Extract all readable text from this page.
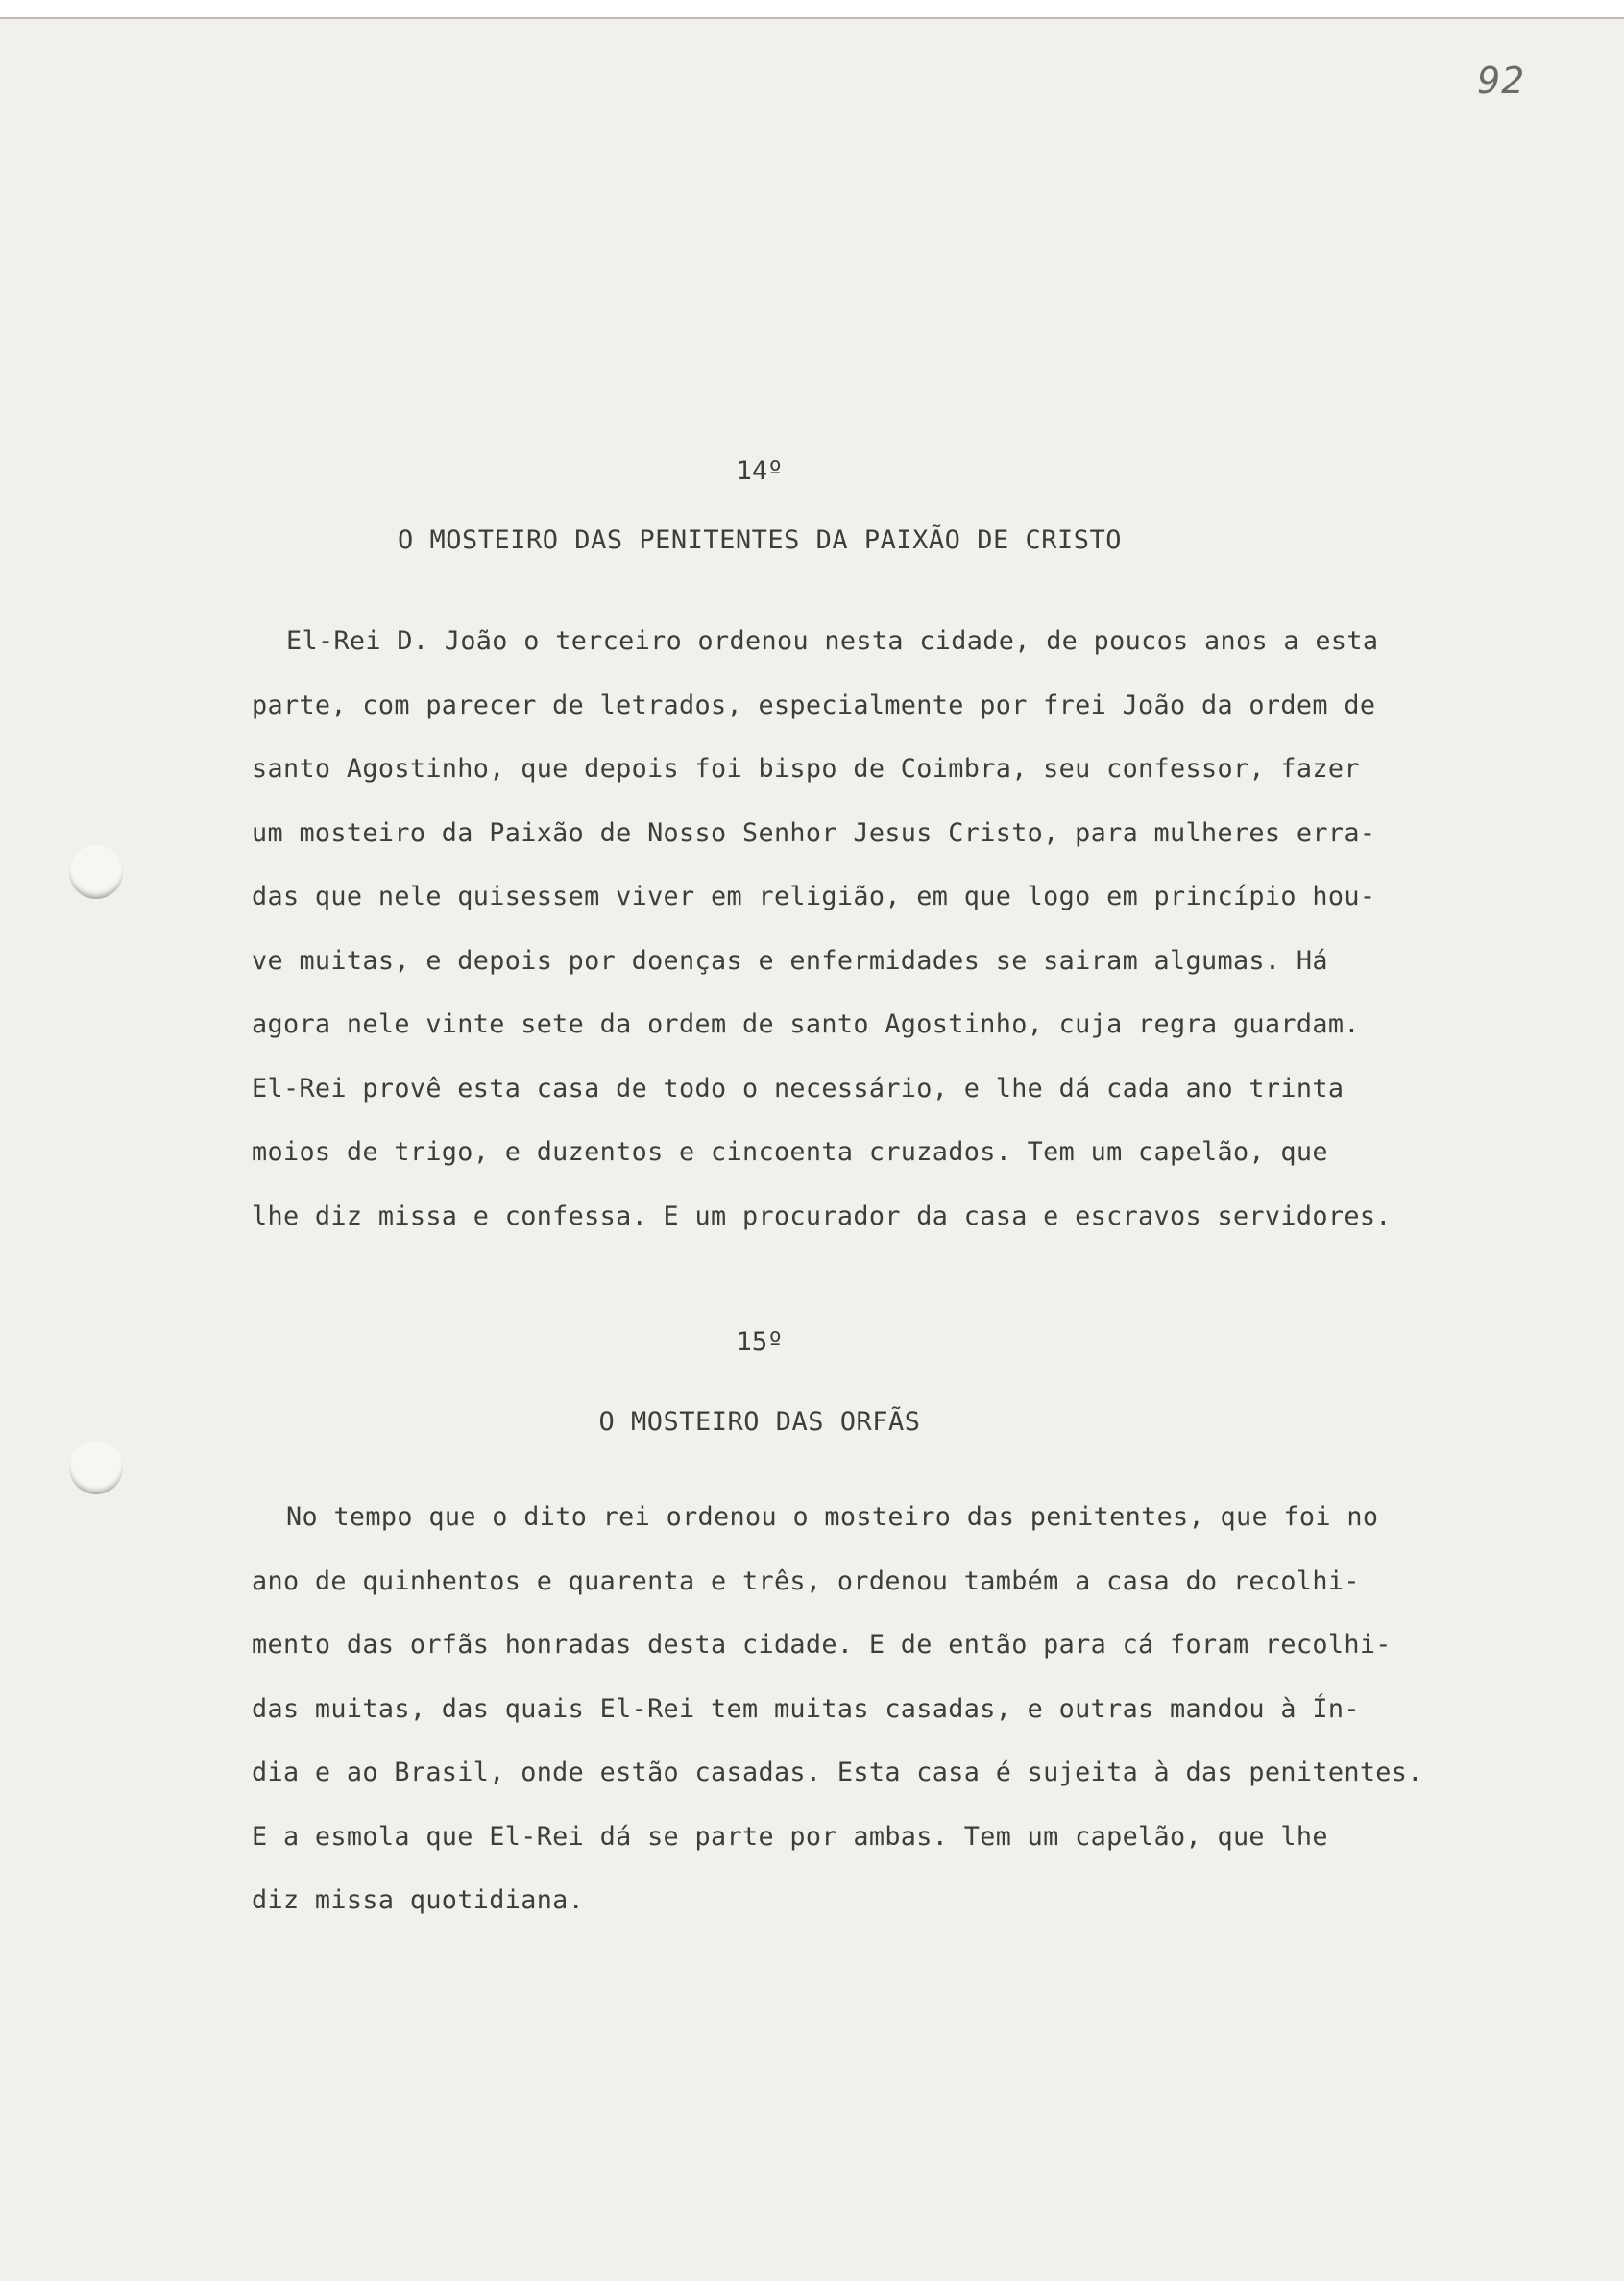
92
14º
O MOSTEIRO DAS PENITENTES DA PAIXÃO DE CRISTO
El-Rei D. João o terceiro ordenou nesta cidade, de poucos anos a esta
parte, com parecer de letrados, especialmente por frei João da ordem de
santo Agostinho, que depois foi bispo de Coimbra, seu confessor, fazer
um mosteiro da Paixão de Nosso Senhor Jesus Cristo, para mulheres erra-
das que nele quisessem viver em religião, em que logo em princípio hou-
ve muitas, e depois por doenças e enfermidades se sairam algumas. Há
agora nele vinte sete da ordem de santo Agostinho, cuja regra guardam.
El-Rei provê esta casa de todo o necessário, e lhe dá cada ano trinta
moios de trigo, e duzentos e cincoenta cruzados. Tem um capelão, que
lhe diz missa e confessa. E um procurador da casa e escravos servidores.
15º
O MOSTEIRO DAS ORFÃS
No tempo que o dito rei ordenou o mosteiro das penitentes, que foi no
ano de quinhentos e quarenta e três, ordenou também a casa do recolhi-
mento das orfãs honradas desta cidade. E de então para cá foram recolhi-
das muitas, das quais El-Rei tem muitas casadas, e outras mandou à Ín-
dia e ao Brasil, onde estão casadas. Esta casa é sujeita à das penitentes.
E a esmola que El-Rei dá se parte por ambas. Tem um capelão, que lhe
diz missa quotidiana.
